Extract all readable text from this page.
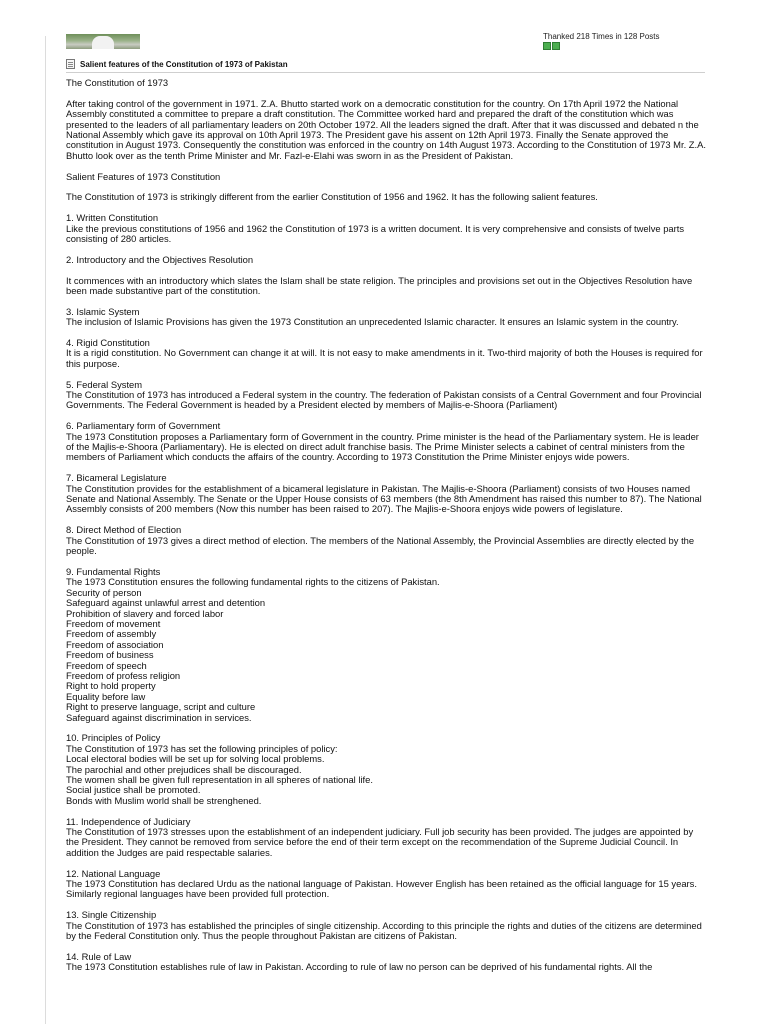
Thanked 218 Times in 128 Posts
Salient features of the Constitution of 1973 of Pakistan

The Constitution of 1973

After taking control of the government in 1971. Z.A. Bhutto started work on a democratic constitution for the country. On 17th April 1972 the National Assembly constituted a committee to prepare a draft constitution. The Committee worked hard and prepared the draft of the constitution which was presented to the leaders of all parliamentary leaders on 20th October 1972. All the leaders signed the draft. After that it was discussed and debated n the National Assembly which gave its approval on 10th April 1973. The President gave his assent on 12th April 1973. Finally the Senate approved the constitution in August 1973. Consequently the constitution was enforced in the country on 14th August 1973. According to the Constitution of 1973 Mr. Z.A. Bhutto look over as the tenth Prime Minister and Mr. Fazl-e-Elahi was sworn in as the President of Pakistan.

Salient Features of 1973 Constitution

The Constitution of 1973 is strikingly different from the earlier Constitution of 1956 and 1962. It has the following salient features.

1. Written Constitution
Like the previous constitutions of 1956 and 1962 the Constitution of 1973 is a written document. It is very comprehensive and consists of twelve parts consisting of 280 articles.

2. Introductory and the Objectives Resolution

It commences with an introductory which slates the Islam shall be state religion. The principles and provisions set out in the Objectives Resolution have been made substantive part of the constitution.

3. Islamic System
The inclusion of Islamic Provisions has given the 1973 Constitution an unprecedented Islamic character. It ensures an Islamic system in the country.

4. Rigid Constitution
It is a rigid constitution. No Government can change it at will. It is not easy to make amendments in it. Two-third majority of both the Houses is required for this purpose.

5. Federal System
The Constitution of 1973 has introduced a Federal system in the country. The federation of Pakistan consists of a Central Government and four Provincial Governments. The Federal Government is headed by a President elected by members of Majlis-e-Shoora (Parliament)

6. Parliamentary form of Government
The 1973 Constitution proposes a Parliamentary form of Government in the country. Prime minister is the head of the Parliamentary system. He is leader of the Majlis-e-Shoora (Parliamentary). He is elected on direct adult franchise basis. The Prime Minister selects a cabinet of central ministers from the members of Parliament which conducts the affairs of the country. According to 1973 Constitution the Prime Minister enjoys wide powers.

7. Bicameral Legislature
The Constitution provides for the establishment of a bicameral legislature in Pakistan. The Majlis-e-Shoora (Parliament) consists of two Houses named Senate and National Assembly. The Senate or the Upper House consists of 63 members (the 8th Amendment has raised this number to 87). The National Assembly consists of 200 members (Now this number has been raised to 207). The Majlis-e-Shoora enjoys wide powers of legislature.

8. Direct Method of Election
The Constitution of 1973 gives a direct method of election. The members of the National Assembly, the Provincial Assemblies are directly elected by the people.

9. Fundamental Rights
The 1973 Constitution ensures the following fundamental rights to the citizens of Pakistan.
Security of person
Safeguard against unlawful arrest and detention
Prohibition of slavery and forced labor
Freedom of movement
Freedom of assembly
Freedom of association
Freedom of business
Freedom of speech
Freedom of profess religion
Right to hold property
Equality before law
Right to preserve language, script and culture
Safeguard against discrimination in services.

10. Principles of Policy
The Constitution of 1973 has set the following principles of policy:
Local electoral bodies will be set up for solving local problems.
The parochial and other prejudices shall be discouraged.
The women shall be given full representation in all spheres of national life.
Social justice shall be promoted.
Bonds with Muslim world shall be strenghened.

11. Independence of Judiciary
The Constitution of 1973 stresses upon the establishment of an independent judiciary. Full job security has been provided. The judges are appointed by the President. They cannot be removed from service before the end of their term except on the recommendation of the Supreme Judicial Council. In addition the Judges are paid respectable salaries.

12. National Language
The 1973 Constitution has declared Urdu as the national language of Pakistan. However English has been retained as the official language for 15 years. Similarly regional languages have been provided full protection.

13. Single Citizenship
The Constitution of 1973 has established the principles of single citizenship. According to this principle the rights and duties of the citizens are determined by the Federal Constitution only. Thus the people throughout Pakistan are citizens of Pakistan.

14. Rule of Law
The 1973 Constitution establishes rule of law in Pakistan. According to rule of law no person can be deprived of his fundamental rights. All the
